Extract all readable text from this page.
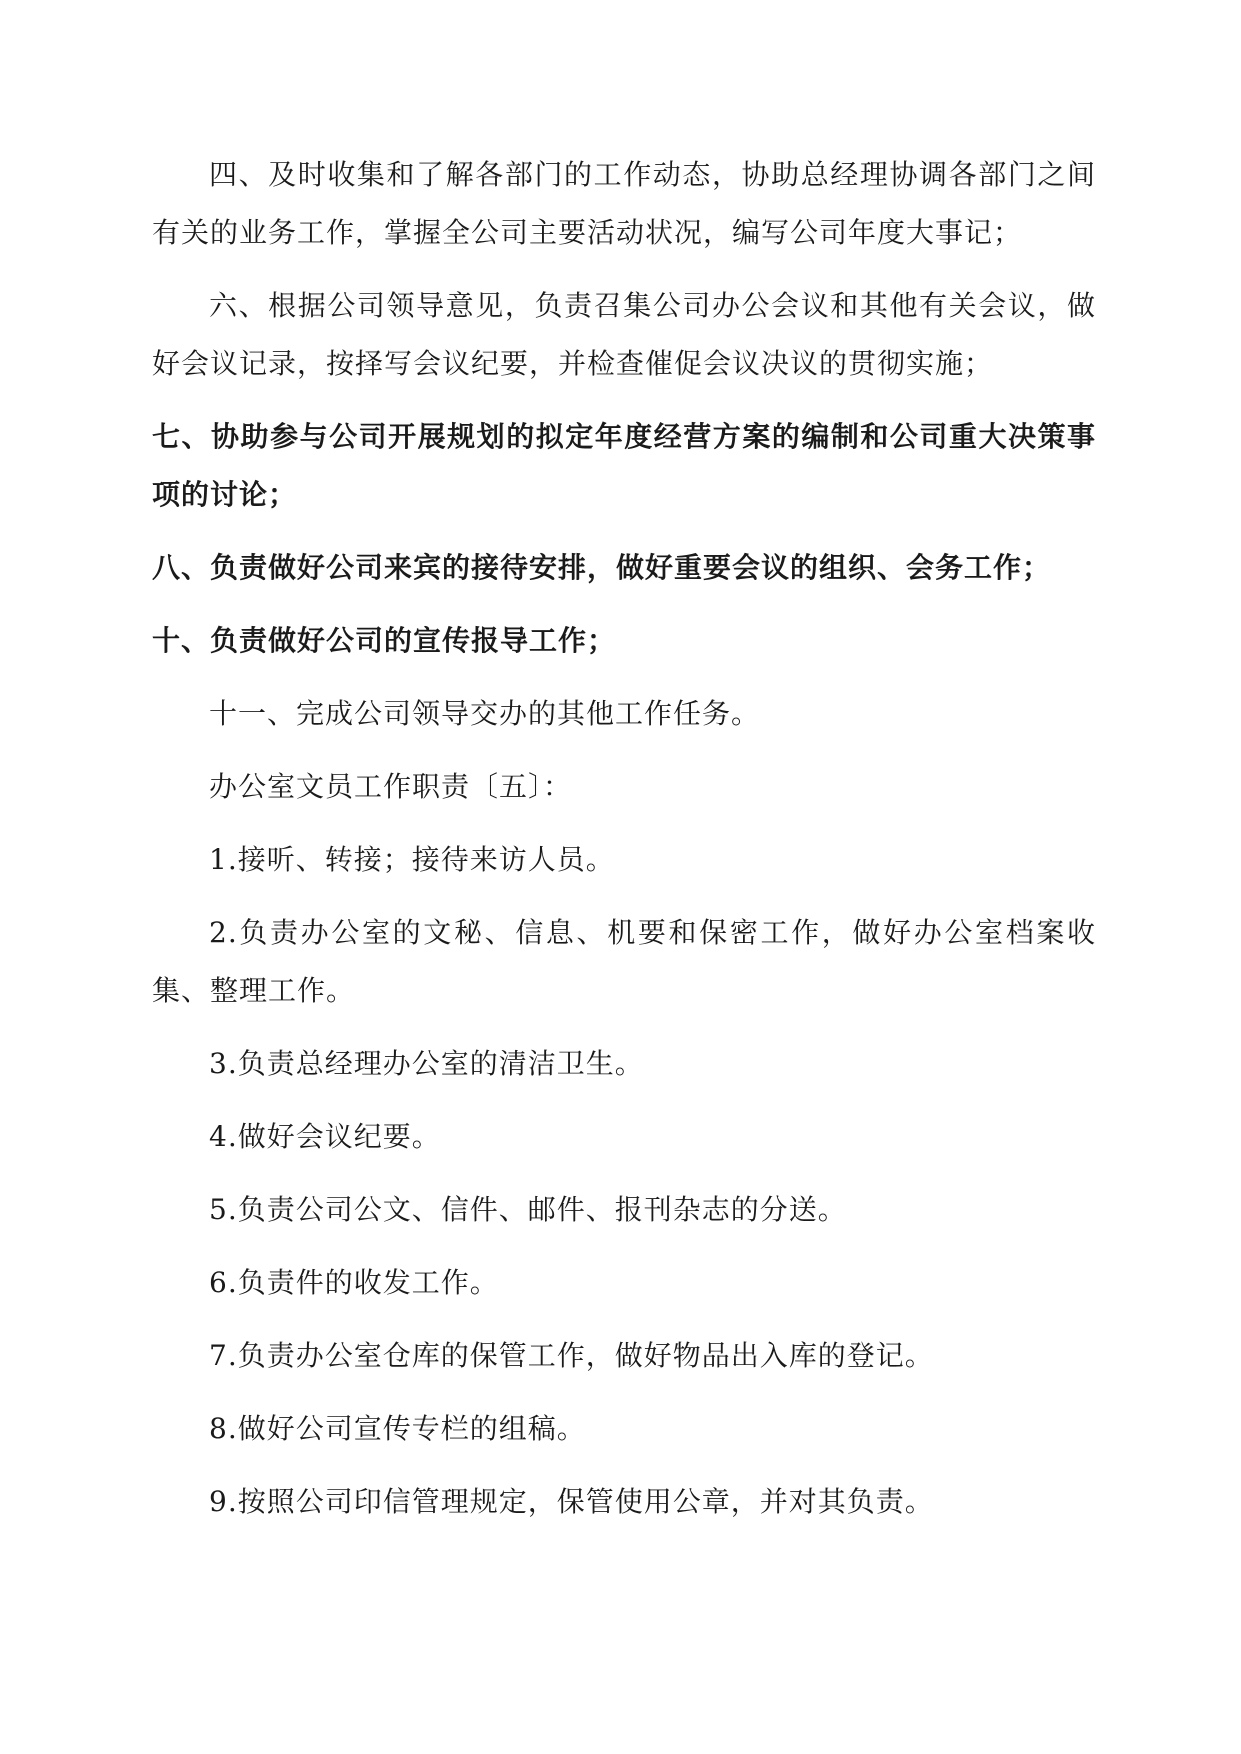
四、及时收集和了解各部门的工作动态，协助总经理协调各部门之间有关的业务工作，掌握全公司主要活动状况，编写公司年度大事记；

六、根据公司领导意见，负责召集公司办公会议和其他有关会议，做好会议记录，按择写会议纪要，并检查催促会议决议的贯彻实施；

七、协助参与公司开展规划的拟定年度经营方案的编制和公司重大决策事项的讨论；

八、负责做好公司来宾的接待安排，做好重要会议的组织、会务工作；

十、负责做好公司的宣传报导工作；

十一、完成公司领导交办的其他工作任务。

办公室文员工作职责〔五〕：

1.接听、转接；接待来访人员。

2.负责办公室的文秘、信息、机要和保密工作，做好办公室档案收集、整理工作。

3.负责总经理办公室的清洁卫生。

4.做好会议纪要。

5.负责公司公文、信件、邮件、报刊杂志的分送。

6.负责件的收发工作。

7.负责办公室仓库的保管工作，做好物品出入库的登记。

8.做好公司宣传专栏的组稿。

9.按照公司印信管理规定，保管使用公章，并对其负责。
